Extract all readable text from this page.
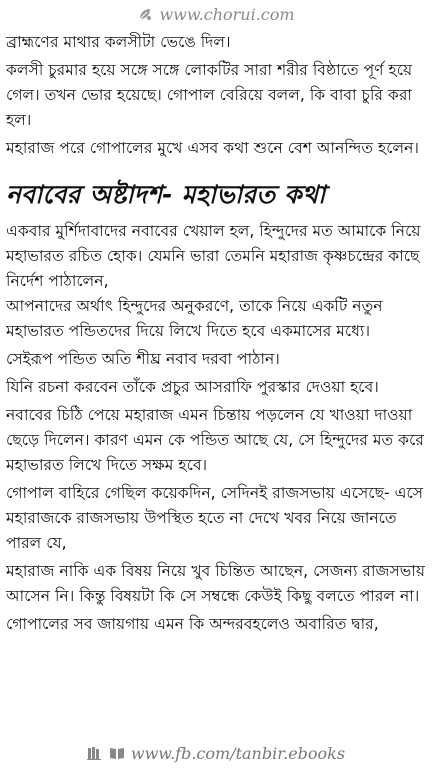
www.chorui.com

ব্রাহ্মণের মাথার কলসীটা ভেঙে দিল।

কলসী চুরমার হয়ে সঙ্গে সঙ্গে লোকটির সারা শরীর বিষ্ঠাতে পূর্ণ হয়ে গেল। তখন ভোর হয়েছে। গোপাল বেরিয়ে বলল, কি বাবা চুরি করা হল।

মহারাজ পরে গোপালের মুখে এসব কথা শুনে বেশ আনন্দিত হলেন।

নবাবের অষ্টাদশ- মহাভারত কথা

একবার মুর্শিদাবাদের নবাবের খেয়াল হল, হিন্দুদের মত আমাকে নিয়ে মহাভারত রচিত হোক। যেমনি ভারা তেমনি মহারাজ কৃষ্ণচন্দ্রের কাছে নির্দেশ পাঠালেন,

আপনাদের অর্থাৎ হিন্দুদের অনুকরণে, তাকে নিয়ে একটি নতুন মহাভারত পন্ডিতদের দিয়ে লিখে দিতে হবে একমাসের মধ্যে।

সেইরূপ পন্ডিত অতি শীঘ্র নবাব দরবা পাঠান।

যিনি রচনা করবেন তাঁকে প্রচুর আসরাফি পুরস্কার দেওয়া হবে।

নবাবের চিঠি পেয়ে মহারাজ এমন চিন্তায় পড়লেন যে খাওয়া দাওয়া ছেড়ে দিলেন। কারণ এমন কে পন্ডিত আছে যে, সে হিন্দুদের মত করে মহাভারত লিখে দিতে সক্ষম হবে।

গোপাল বাহিরে গেছিল কয়েকদিন, সেদিনই রাজসভায় এসেছে- এসে মহারাজকে রাজসভায় উপস্থিত হতে না দেখে খবর নিয়ে জানতে পারল যে,

মহারাজ নাকি এক বিষয় নিয়ে খুব চিন্তিত আছেন, সেজন্য রাজসভায় আসেন নি। কিন্তু বিষয়টা কি সে সম্বন্ধে কেউই কিছু বলতে পারল না।

গোপালের সব জায়গায় এমন কি অন্দরবহলেও অবারিত দ্বার,

www.fb.com/tanbir.ebooks
